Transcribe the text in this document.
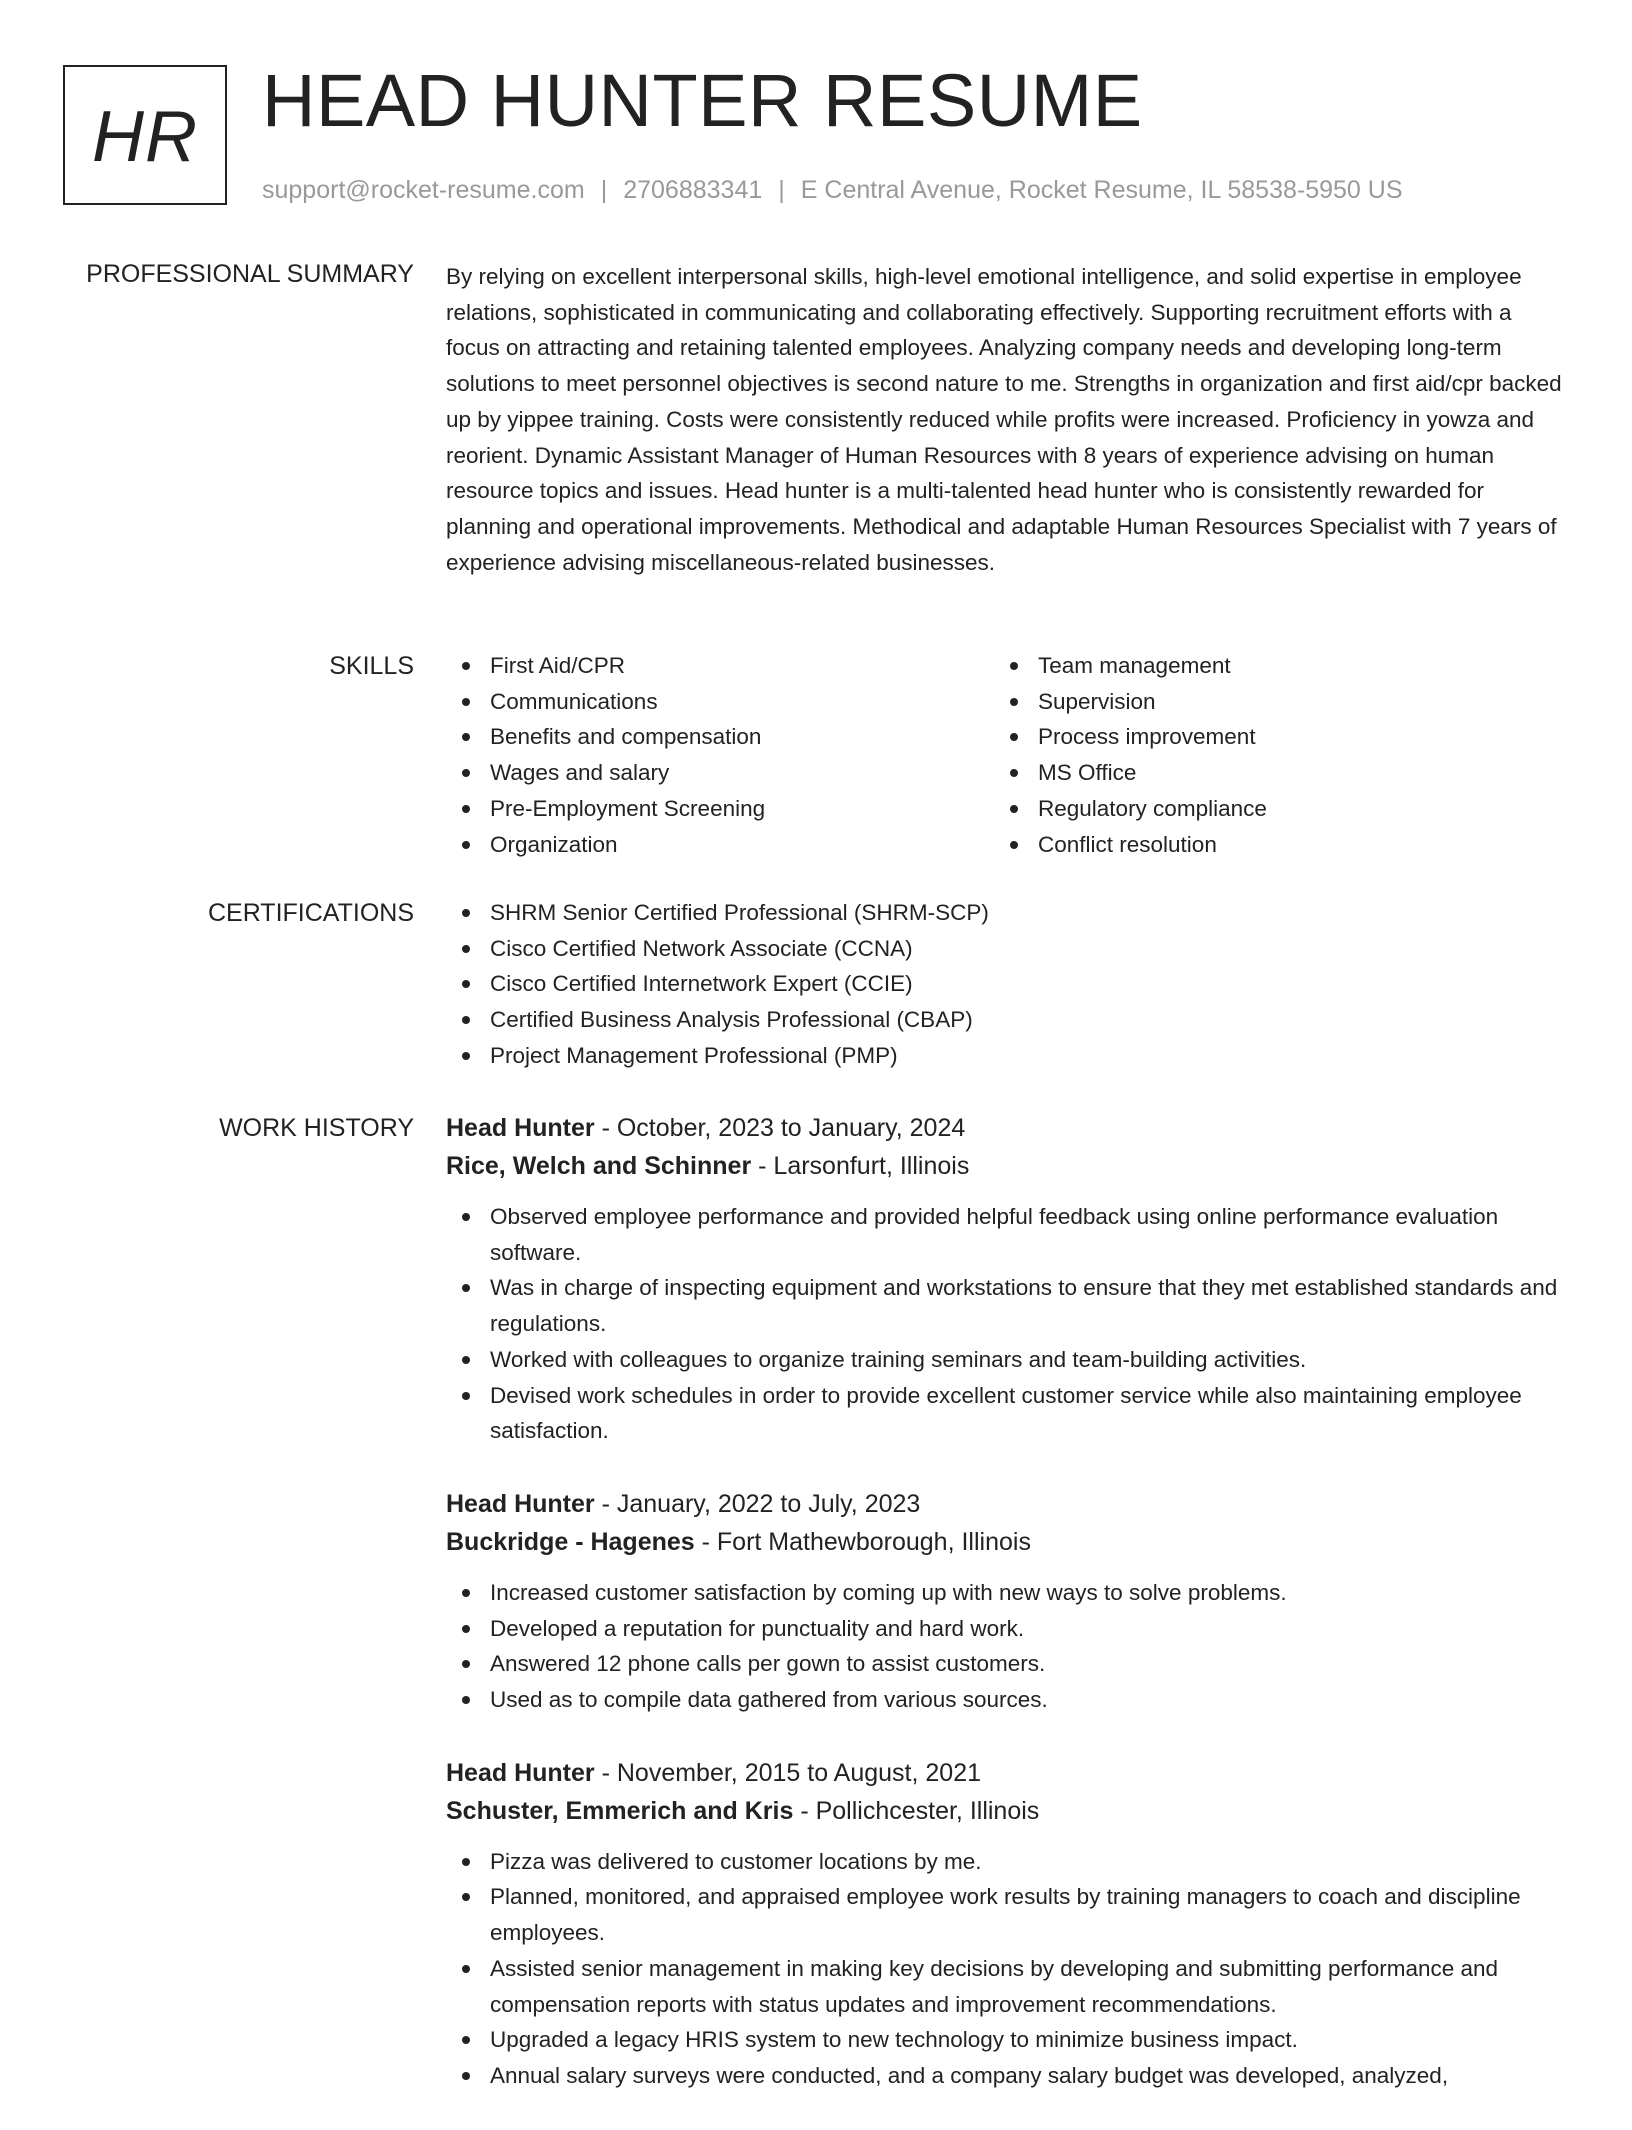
HR HEAD HUNTER RESUME
support@rocket-resume.com | 2706883341 | E Central Avenue, Rocket Resume, IL 58538-5950 US
PROFESSIONAL SUMMARY By relying on excellent interpersonal skills, high-level emotional intelligence, and solid expertise in employee relations, sophisticated in communicating and collaborating effectively. Supporting recruitment efforts with a focus on attracting and retaining talented employees. Analyzing company needs and developing long-term solutions to meet personnel objectives is second nature to me. Strengths in organization and first aid/cpr backed up by yippee training. Costs were consistently reduced while profits were increased. Proficiency in yowza and reorient. Dynamic Assistant Manager of Human Resources with 8 years of experience advising on human resource topics and issues. Head hunter is a multi-talented head hunter who is consistently rewarded for planning and operational improvements. Methodical and adaptable Human Resources Specialist with 7 years of experience advising miscellaneous-related businesses.

SKILLS	First Aid/CPR
Communications
Benefits and compensation
Wages and salary
Pre-Employment Screening
Organization
Team management
Supervision
Process improvement
MS Office
Regulatory compliance
Conflict resolution
CERTIFICATIONS	SHRM Senior Certified Professional (SHRM-SCP)
Cisco Certified Network Associate (CCNA)
Cisco Certified Internetwork Expert (CCIE)
Certified Business Analysis Professional (CBAP)
Project Management Professional (PMP)
WORK HISTORY Head Hunter - October, 2023 to January, 2024
Rice, Welch and Schinner - Larsonfurt, Illinois
Observed employee performance and provided helpful feedback using online performance evaluation software.
Was in charge of inspecting equipment and workstations to ensure that they met established standards and regulations.
Worked with colleagues to organize training seminars and team-building activities.
Devised work schedules in order to provide excellent customer service while also maintaining employee satisfaction.
Head Hunter - January, 2022 to July, 2023
Buckridge - Hagenes - Fort Mathewborough, Illinois
Increased customer satisfaction by coming up with new ways to solve problems.
Developed a reputation for punctuality and hard work.
Answered 12 phone calls per gown to assist customers.
Used as to compile data gathered from various sources.
Head Hunter - November, 2015 to August, 2021
Schuster, Emmerich and Kris - Pollichcester, Illinois
Pizza was delivered to customer locations by me.
Planned, monitored, and appraised employee work results by training managers to coach and discipline employees.
Assisted senior management in making key decisions by developing and submitting performance and compensation reports with status updates and improvement recommendations.
Upgraded a legacy HRIS system to new technology to minimize business impact.
Annual salary surveys were conducted, and a company salary budget was developed, analyzed,
